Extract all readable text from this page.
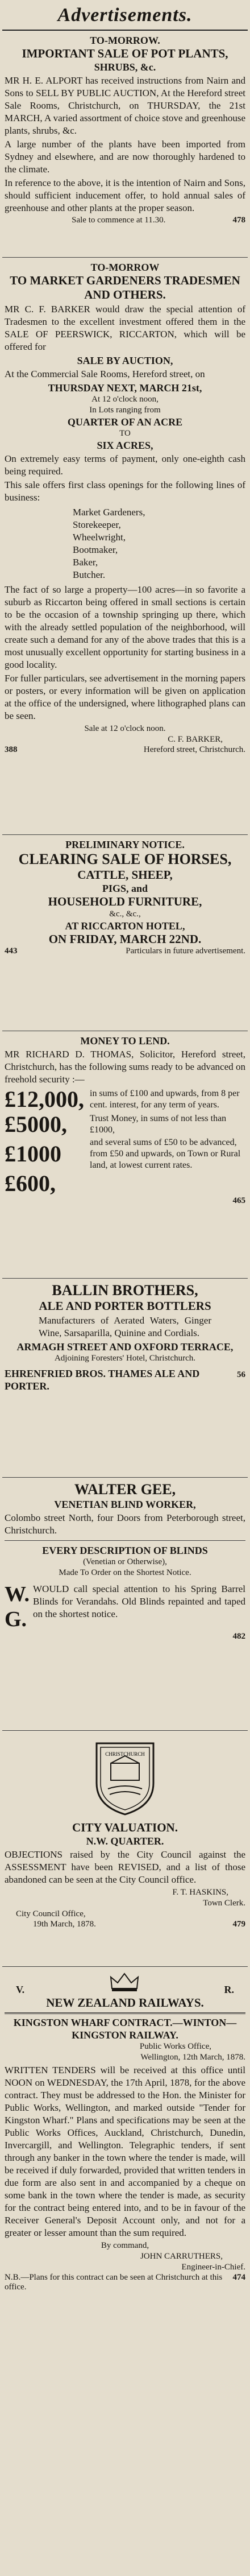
Advertisements.
TO-MORROW.
IMPORTANT SALE OF POT PLANTS,
SHRUBS, &c.

MR H. E. ALPORT has received instructions from Nairn and Sons to SELL BY PUBLIC AUCTION, At the Hereford street Sale Rooms, Christchurch, on THURSDAY, the 21st MARCH, A varied assortment of choice stove and greenhouse plants, shrubs, &c.

A large number of the plants have been imported from Sydney and elsewhere, and are now thoroughly hardened to the climate.

In reference to the above, it is the intention of Nairn and Sons, should sufficient inducement offer, to hold annual sales of greenhouse and other plants at the proper season.

Sale to commence at 11.30.	478
TO-MORROW
TO MARKET GARDENERS TRADESMEN AND OTHERS.

MR C. F. BARKER would draw the special attention of Tradesmen to the excellent investment offered them in the SALE OF PEERSWICK, RICCARTON, which will be offered for

SALE BY AUCTION,

At the Commercial Sale Rooms, Hereford street, on

THURSDAY NEXT, MARCH 21st,
At 12 o'clock noon,
In Lots ranging from
QUARTER OF AN ACRE
TO
SIX ACRES,

On extremely easy terms of payment, only one-eighth cash being required.

This sale offers first class openings for the following lines of business:

Market Gardeners,
Storekeeper,
Wheelwright,
Bootmaker,
Baker,
Butcher.

The fact of so large a property—100 acres—in so favorite a suburb as Riccarton being offered in small sections is certain to be the occasion of a township springing up there, which with the already settled population of the neighborhood, will create such a demand for any of the above trades that this is a most unusually excellent opportunity for starting business in a good locality.

For fuller particulars, see advertisement in the morning papers or posters, or every information will be given on application at the office of the undersigned, where lithographed plans can be seen.

Sale at 12 o'clock noon.
C. F. BARKER,
388	Hereford street, Christchurch.
PRELIMINARY NOTICE.
CLEARING SALE OF HORSES,
CATTLE, SHEEP,
PIGS, and
HOUSEHOLD FURNITURE,
&c., &c.,
AT RICCARTON HOTEL,
ON FRIDAY, MARCH 22ND.
443	Particulars in future advertisement.
MONEY TO LEND.

MR RICHARD D. THOMAS, Solicitor, Hereford street, Christchurch, has the following sums ready to be advanced on freehold security :—

£12,000, in sums of £100 and upwards, from 8 per cent. interest, for any term of years.
£5000,	Trust Money, in sums of not less than £1000,
£1000	and several sums of £50 to be advanced, from £50 and upwards, on Town or Rural land, at lowest current rates.
£600,
465
BALLIN BROTHERS,
ALE AND PORTER BOTTLERS

Manufacturers of Aerated Waters, Ginger Wine, Sarsaparilla, Quinine and Cordials.

ARMAGH STREET AND OXFORD TERRACE,
Adjoining Foresters' Hotel, Christchurch.
EHRENFRIED BROS. THAMES ALE AND PORTER.
56
WALTER GEE,
VENETIAN BLIND WORKER,

Colombo street North, four Doors from Peterborough street, Christchurch.

EVERY DESCRIPTION OF BLINDS
(Venetian or Otherwise),
Made To Order on the Shortest Notice.
W. G.
WOULD call special attention to his Spring Barrel Blinds for Verandahs. Old Blinds repainted and taped on the shortest notice.
482
CHRISTCHURCH
CITY VALUATION.
N.W. QUARTER.

OBJECTIONS raised by the City Council against the ASSESSMENT have been REVISED, and a list of those abandoned can be seen at the City Council office.

F. T. HASKINS,
Town Clerk.
City Council Office,
19th March, 1878.	479
V.	R.
NEW ZEALAND RAILWAYS.
KINGSTON WHARF CONTRACT.—WINTON—KINGSTON RAILWAY.
Public Works Office,
Wellington, 12th March, 1878.

WRITTEN TENDERS will be received at this office until NOON on WEDNESDAY, the 17th April, 1878, for the above contract. They must be addressed to the Hon. the Minister for Public Works, Wellington, and marked outside "Tender for Kingston Wharf." Plans and specifications may be seen at the Public Works Offices, Auckland, Christchurch, Dunedin, Invercargill, and Wellington. Telegraphic tenders, if sent through any banker in the town where the tender is made, will be received if duly forwarded, provided that written tenders in due form are also sent in and accompanied by a cheque on some bank in the town where the tender is made, as security for the contract being entered into, and to be in favour of the Receiver General's Deposit Account only, and not for a greater or lesser amount than the sum required.

By command,
JOHN CARRUTHERS,
Engineer-in-Chief.
N.B.—Plans for this contract can be seen at Christchurch at this office.
474
